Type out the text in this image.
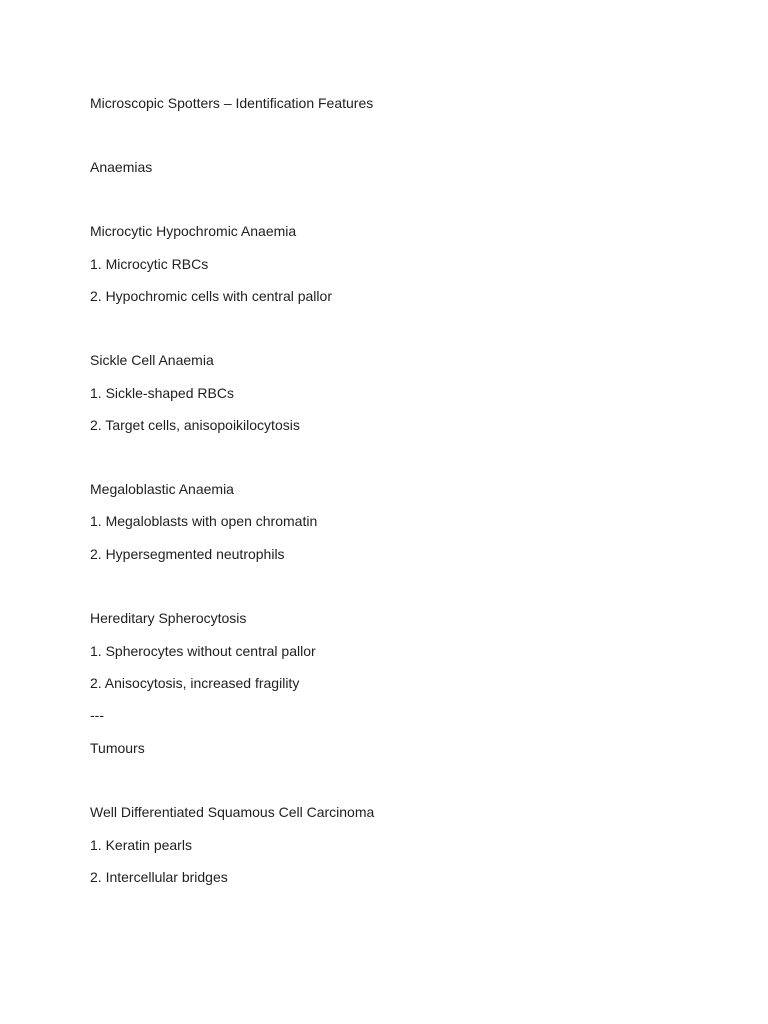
Microscopic Spotters – Identification Features

Anaemias

Microcytic Hypochromic Anaemia

1. Microcytic RBCs

2. Hypochromic cells with central pallor

Sickle Cell Anaemia

1. Sickle-shaped RBCs

2. Target cells, anisopoikilocytosis

Megaloblastic Anaemia

1. Megaloblasts with open chromatin

2. Hypersegmented neutrophils

Hereditary Spherocytosis

1. Spherocytes without central pallor

2. Anisocytosis, increased fragility

---

Tumours

Well Differentiated Squamous Cell Carcinoma

1. Keratin pearls

2. Intercellular bridges
